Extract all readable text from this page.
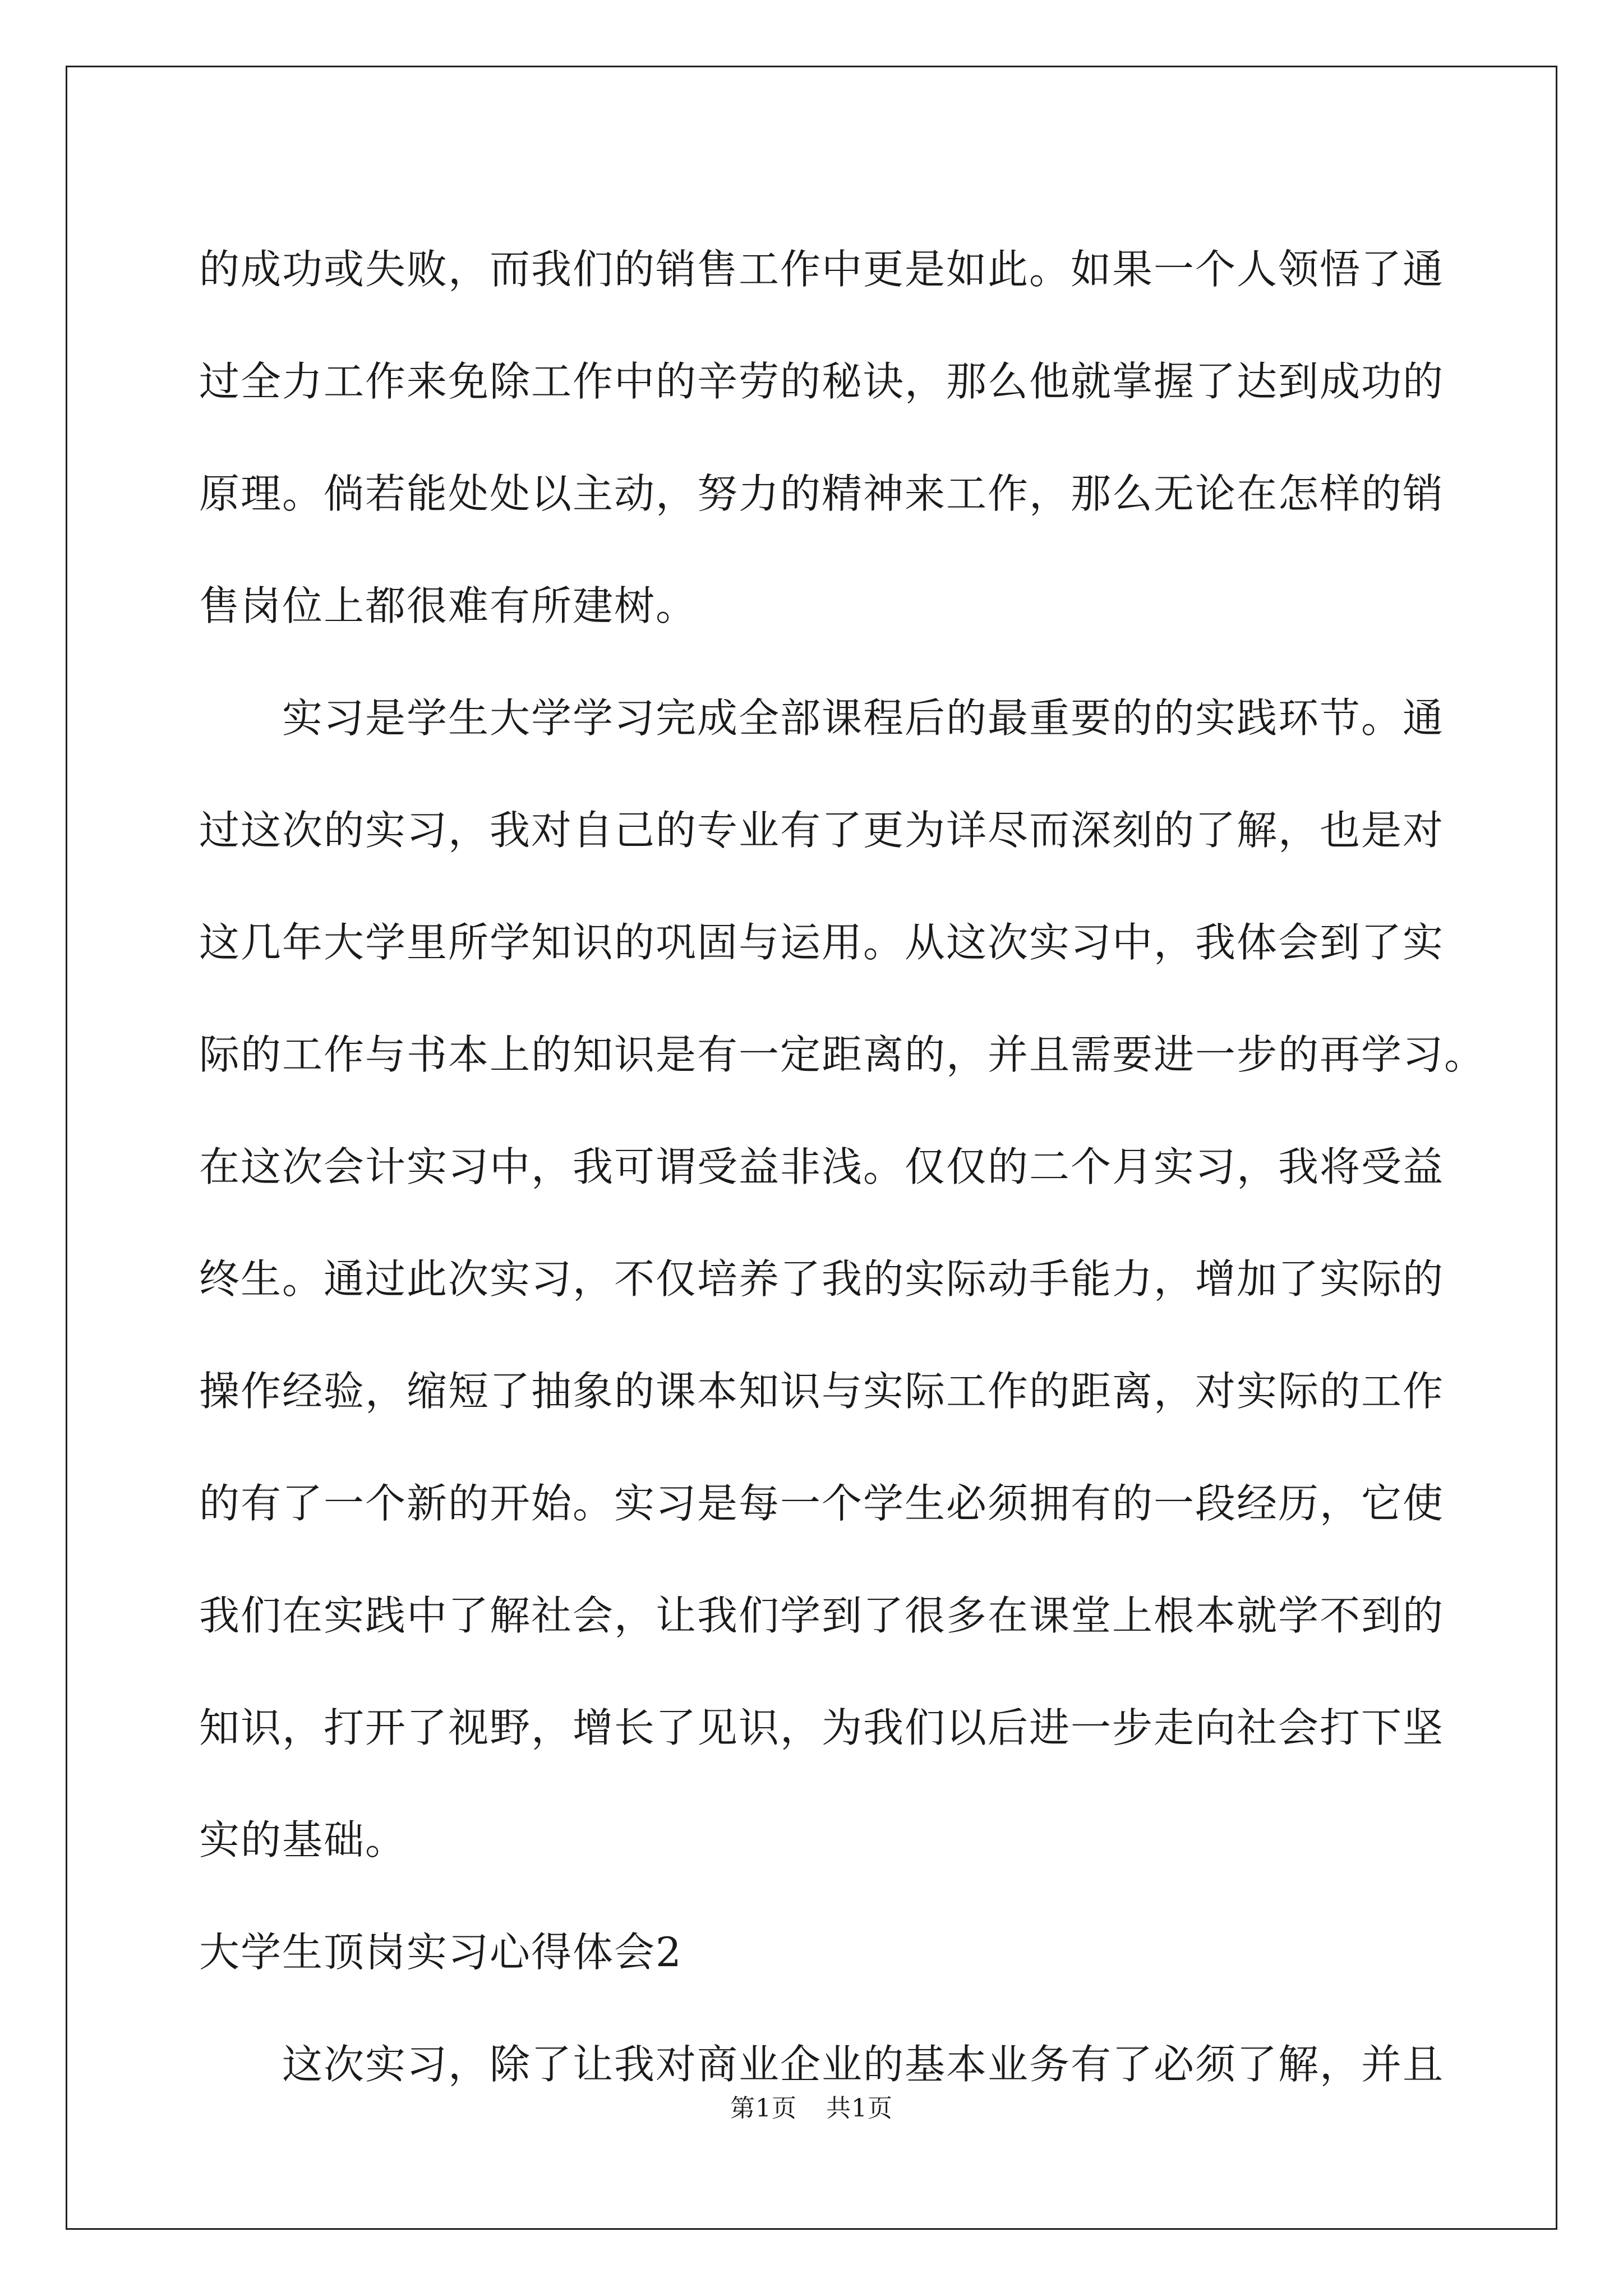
的成功或失败，而我们的销售工作中更是如此。如果一个人领悟了通
过全力工作来免除工作中的辛劳的秘诀，那么他就掌握了达到成功的
原理。倘若能处处以主动，努力的精神来工作，那么无论在怎样的销
售岗位上都很难有所建树。
实习是学生大学学习完成全部课程后的最重要的的实践环节。通
过这次的实习，我对自己的专业有了更为详尽而深刻的了解，也是对
这几年大学里所学知识的巩固与运用。从这次实习中，我体会到了实
际的工作与书本上的知识是有一定距离的，并且需要进一步的再学习。
在这次会计实习中，我可谓受益非浅。仅仅的二个月实习，我将受益
终生。通过此次实习，不仅培养了我的实际动手能力，增加了实际的
操作经验，缩短了抽象的课本知识与实际工作的距离，对实际的工作
的有了一个新的开始。实习是每一个学生必须拥有的一段经历，它使
我们在实践中了解社会，让我们学到了很多在课堂上根本就学不到的
知识，打开了视野，增长了见识，为我们以后进一步走向社会打下坚
实的基础。
大学生顶岗实习心得体会2
这次实习，除了让我对商业企业的基本业务有了必须了解，并且
第1页 共1页
